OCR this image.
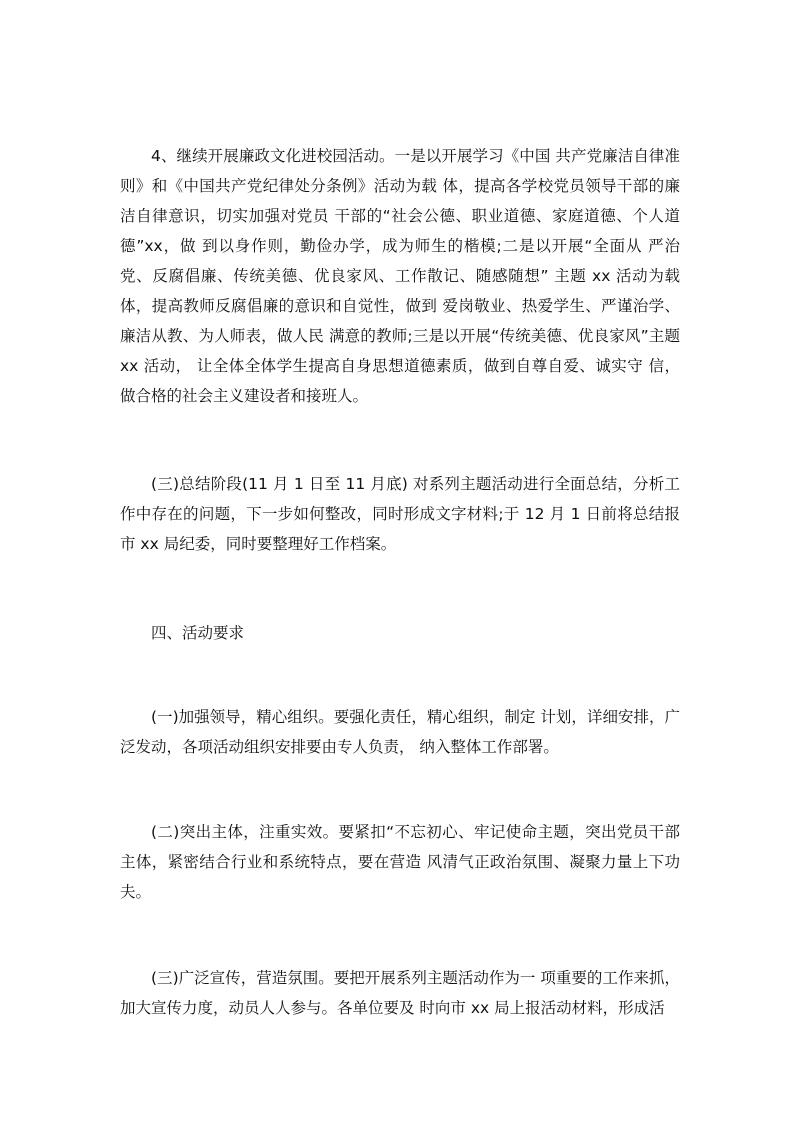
4、继续开展廉政文化进校园活动。一是以开展学习《中国 共产党廉洁自律准则》和《中国共产党纪律处分条例》活动为载 体，提高各学校党员领导干部的廉洁自律意识，切实加强对党员 干部的“社会公德、职业道德、家庭道德、个人道德”xx，做 到以身作则，勤俭办学，成为师生的楷模;二是以开展“全面从 严治党、反腐倡廉、传统美德、优良家风、工作散记、随感随想” 主题 xx 活动为载体，提高教师反腐倡廉的意识和自觉性，做到 爱岗敬业、热爱学生、严谨治学、廉洁从教、为人师表，做人民 满意的教师;三是以开展“传统美德、优良家风”主题 xx 活动， 让全体全体学生提高自身思想道德素质，做到自尊自爱、诚实守 信，做合格的社会主义建设者和接班人。

(三)总结阶段(11 月 1 日至 11 月底) 对系列主题活动进行全面总结，分析工作中存在的问题，下一步如何整改，同时形成文字材料;于 12 月 1 日前将总结报市 xx 局纪委，同时要整理好工作档案。

四、活动要求

(一)加强领导，精心组织。要强化责任，精心组织，制定 计划，详细安排，广泛发动，各项活动组织安排要由专人负责， 纳入整体工作部署。

(二)突出主体，注重实效。要紧扣“不忘初心、牢记使命主题，突出党员干部主体，紧密结合行业和系统特点，要在营造 风清气正政治氛围、凝聚力量上下功夫。

(三)广泛宣传，营造氛围。要把开展系列主题活动作为一 项重要的工作来抓，加大宣传力度，动员人人参与。各单位要及 时向市 xx 局上报活动材料，形成活
